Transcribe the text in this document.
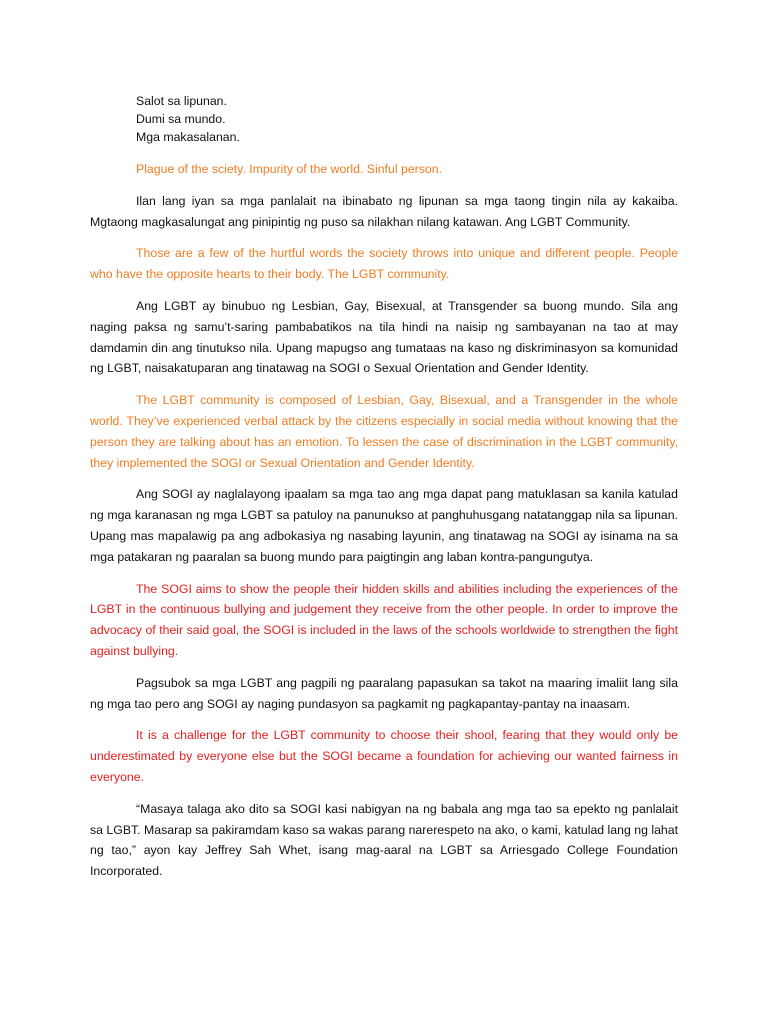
Salot sa lipunan.
Dumi sa mundo.
Mga makasalanan.

Plague of the sciety. Impurity of the world. Sinful person.

Ilan lang iyan sa mga panlalait na ibinabato ng lipunan sa mga taong tingin nila ay kakaiba. Mgtaong magkasalungat ang pinipintig ng puso sa nilakhan nilang katawan. Ang LGBT Community.

Those are a few of the hurtful words the society throws into unique and different people. People who have the opposite hearts to their body. The LGBT community.

Ang LGBT ay binubuo ng Lesbian, Gay, Bisexual, at Transgender sa buong mundo. Sila ang naging paksa ng samu’t-saring pambabatikos na tila hindi na naisip ng sambayanan na tao at may damdamin din ang tinutukso nila. Upang mapugso ang tumataas na kaso ng diskriminasyon sa komunidad ng LGBT, naisakatuparan ang tinatawag na SOGI o Sexual Orientation and Gender Identity.

The LGBT community is composed of Lesbian, Gay, Bisexual, and a Transgender in the whole world. They’ve experienced verbal attack by the citizens especially in social media without knowing that the person they are talking about has an emotion. To lessen the case of discrimination in the LGBT community, they implemented the SOGI or Sexual Orientation and Gender Identity.

Ang SOGI ay naglalayong ipaalam sa mga tao ang mga dapat pang matuklasan sa kanila katulad ng mga karanasan ng mga LGBT sa patuloy na panunukso at panghuhusgang natatanggap nila sa lipunan. Upang mas mapalawig pa ang adbokasiya ng nasabing layunin, ang tinatawag na SOGI ay isinama na sa mga patakaran ng paaralan sa buong mundo para paigtingin ang laban kontra-pangungutya.

The SOGI aims to show the people their hidden skills and abilities including the experiences of the LGBT in the continuous bullying and judgement they receive from the other people. In order to improve the advocacy of their said goal, the SOGI is included in the laws of the schools worldwide to strengthen the fight against bullying.

Pagsubok sa mga LGBT ang pagpili ng paaralang papasukan sa takot na maaring imaliit lang sila ng mga tao pero ang SOGI ay naging pundasyon sa pagkamit ng pagkapantay-pantay na inaasam.

It is a challenge for the LGBT community to choose their shool, fearing that they would only be underestimated by everyone else but the SOGI became a foundation for achieving our wanted fairness in everyone.

“Masaya talaga ako dito sa SOGI kasi nabigyan na ng babala ang mga tao sa epekto ng panlalait sa LGBT. Masarap sa pakiramdam kaso sa wakas parang narerespeto na ako, o kami, katulad lang ng lahat ng tao,” ayon kay Jeffrey Sah Whet, isang mag-aaral na LGBT sa Arriesgado College Foundation Incorporated.
